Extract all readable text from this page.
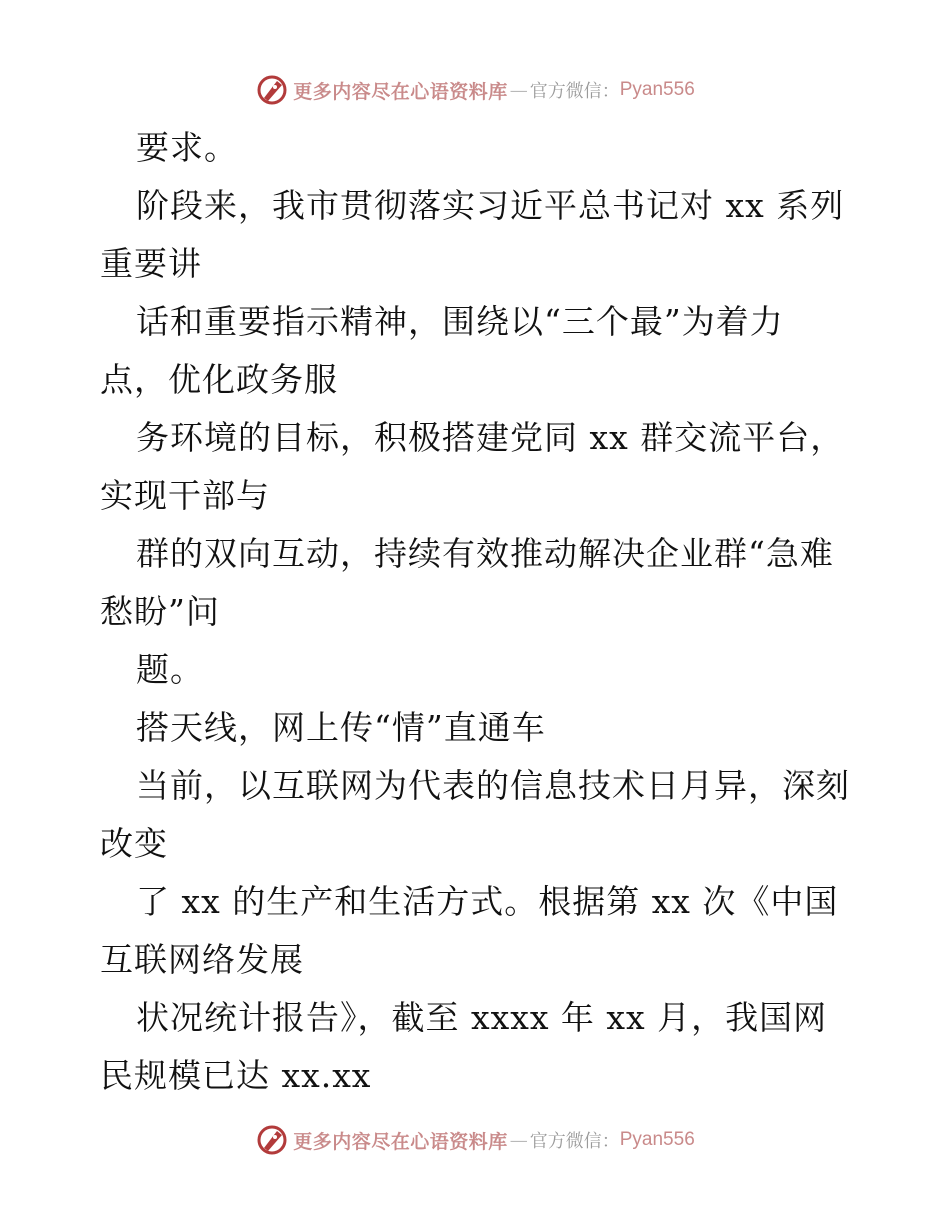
更多内容尽在心语资料库 — 官方微信： Pyan556
要求。
阶段来，我市贯彻落实习近平总书记对 xx 系列
重要讲
话和重要指示精神，围绕以“三个最”为着力
点，优化政务服
务环境的目标，积极搭建党同 xx 群交流平台，
实现干部与
群的双向互动，持续有效推动解决企业群“急难
愁盼”问
题。
搭天线，网上传“情”直通车
当前，以互联网为代表的信息技术日月异，深刻
改变
了 xx 的生产和生活方式。根据第 xx 次《中国
互联网络发展
状况统计报告》，截至 xxxx 年 xx 月，我国网
民规模已达 xx.xx
更多内容尽在心语资料库 — 官方微信： Pyan556
